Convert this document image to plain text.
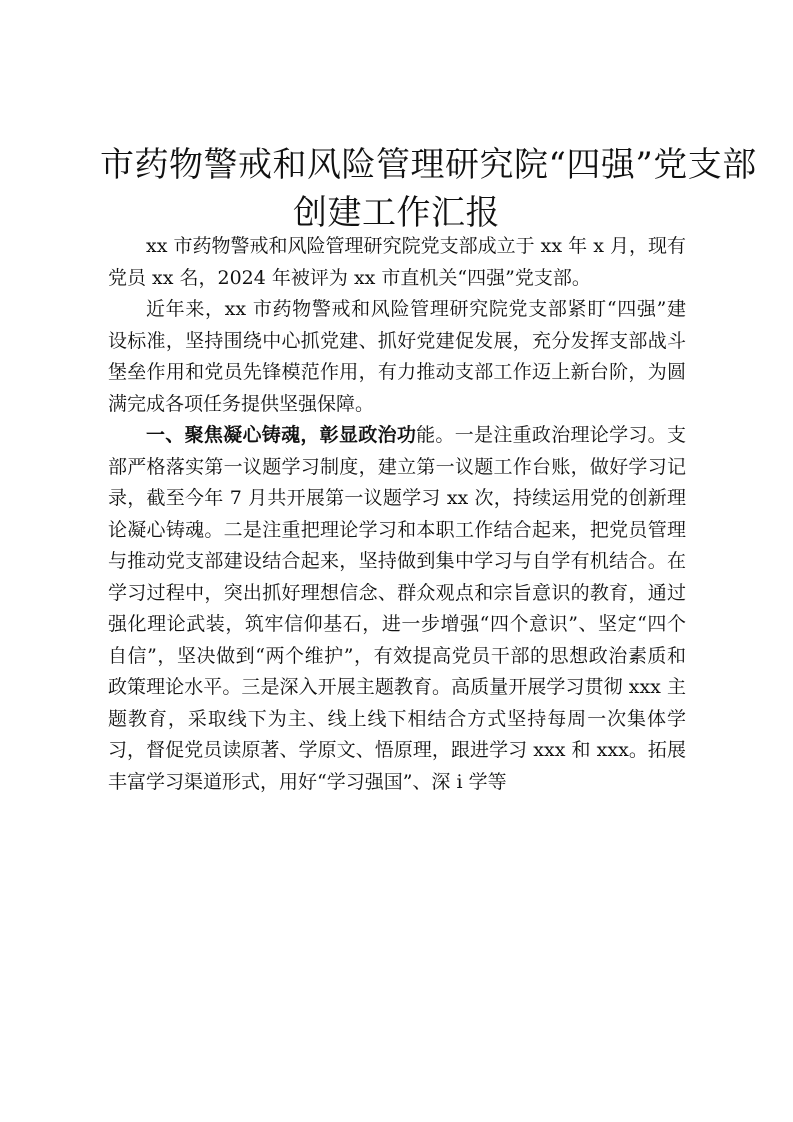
市药物警戒和风险管理研究院“四强”党支部
创建工作汇报

xx 市药物警戒和风险管理研究院党支部成立于 xx 年 x 月，现有党员 xx 名，2024 年被评为 xx 市直机关“四强”党支部。

近年来，xx 市药物警戒和风险管理研究院党支部紧盯“四强”建设标准，坚持围绕中心抓党建、抓好党建促发展，充分发挥支部战斗堡垒作用和党员先锋模范作用，有力推动支部工作迈上新台阶，为圆满完成各项任务提供坚强保障。

一、聚焦凝心铸魂，彰显政治功能。一是注重政治理论学习。支部严格落实第一议题学习制度，建立第一议题工作台账，做好学习记录，截至今年 7 月共开展第一议题学习 xx 次，持续运用党的创新理论凝心铸魂。二是注重把理论学习和本职工作结合起来，把党员管理与推动党支部建设结合起来，坚持做到集中学习与自学有机结合。在学习过程中，突出抓好理想信念、群众观点和宗旨意识的教育，通过强化理论武装，筑牢信仰基石，进一步增强“四个意识”、坚定“四个自信”，坚决做到“两个维护”，有效提高党员干部的思想政治素质和政策理论水平。三是深入开展主题教育。高质量开展学习贯彻 xxx 主题教育，采取线下为主、线上线下相结合方式坚持每周一次集体学习，督促党员读原著、学原文、悟原理，跟进学习 xxx 和 xxx。拓展丰富学习渠道形式，用好“学习强国”、深 i 学等
